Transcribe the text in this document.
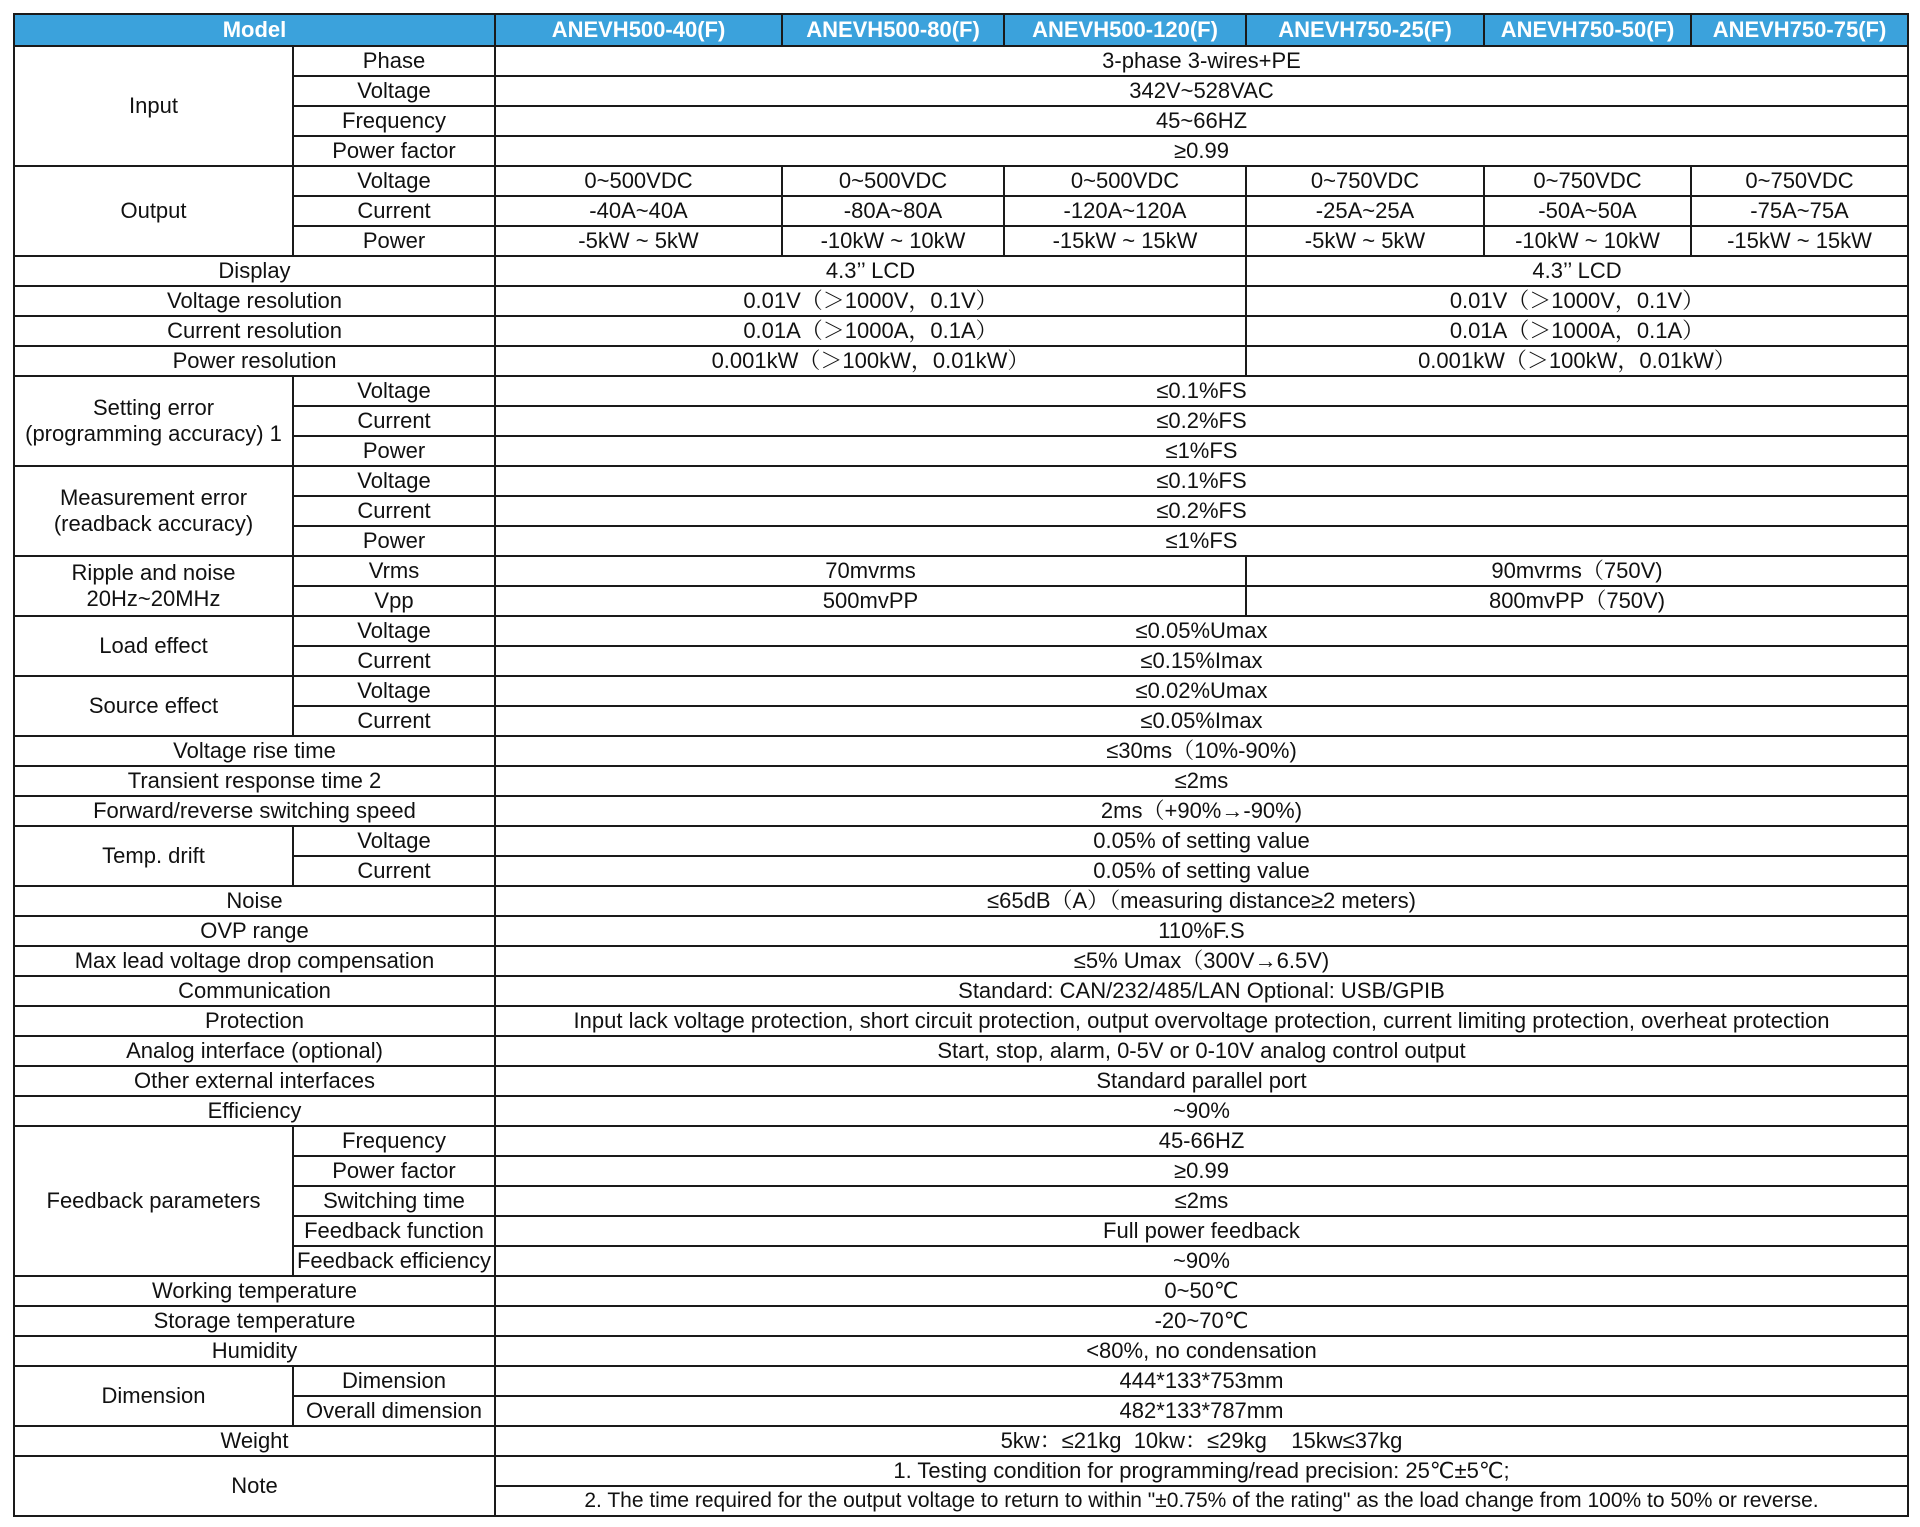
Model		ANEVH500-40(F)	ANEVH500-80(F)	ANEVH500-120(F)	ANEVH750-25(F)	ANEVH750-50(F)	ANEVH750-75(F)
Input	Phase	3-phase 3-wires+PE					
	Voltage	342V~528VAC					
	Frequency	45~66HZ					
	Power factor	≥0.99					
Output	Voltage	0~500VDC	0~500VDC	0~500VDC	0~750VDC	0~750VDC	0~750VDC
	Current	-40A~40A	-80A~80A	-120A~120A	-25A~25A	-50A~50A	-75A~75A
	Power	-5kW ~ 5kW	-10kW ~ 10kW	-15kW ~ 15kW	-5kW ~ 5kW	-10kW ~ 10kW	-15kW ~ 15kW
Display		4.3’’ LCD			4.3’’ LCD		
Voltage resolution		0.01V（＞1000V，0.1V）			0.01V（＞1000V，0.1V）		
Current resolution		0.01A（＞1000A，0.1A）			0.01A（＞1000A，0.1A）		
Power resolution		0.001kW（＞100kW，0.01kW）			0.001kW（＞100kW，0.01kW）		

Setting error
(programming accuracy) 1	Voltage	≤0.1%FS					
	Current	≤0.2%FS					
	Power	≤1%FS					

Measurement error
(readback accuracy)	Voltage	≤0.1%FS					
	Current	≤0.2%FS					
	Power	≤1%FS					

Ripple and noise
20Hz~20MHz	Vrms	70mvrms			90mvrms（750V)		
	Vpp	500mvPP			800mvPP（750V)		
Load effect	Voltage	≤0.05%Umax					
	Current	≤0.15%Imax					
Source effect	Voltage	≤0.02%Umax					
	Current	≤0.05%Imax					
Voltage rise time		≤30ms（10%-90%)					
Transient response time 2		≤2ms					
Forward/reverse switching speed		2ms（+90%→-90%)					
Temp. drift	Voltage	0.05% of setting value					
	Current	0.05% of setting value					
Noise		≤65dB（A）（measuring distance≥2 meters)					
OVP range		110%F.S					
Max lead voltage drop compensation		≤5% Umax（300V→6.5V)					
Communication		Standard: CAN/232/485/LAN Optional: USB/GPIB					
Protection		Input lack voltage protection, short circuit protection, output overvoltage protection, current limiting protection, overheat protection					
Analog interface (optional)		Start, stop, alarm, 0-5V or 0-10V analog control output					
Other external interfaces		Standard parallel port					
Efficiency		~90%					
Feedback parameters	Frequency	45-66HZ					
	Power factor	≥0.99					
	Switching time	≤2ms					
	Feedback function	Full power feedback					
	Feedback efficiency	~90%					
Working temperature		0~50℃					
Storage temperature		-20~70℃					
Humidity		<80%, no condensation					
Dimension	Dimension	444*133*753mm					
	Overall dimension	482*133*787mm					
Weight		5kw：≤21kg  10kw：≤29kg    15kw≤37kg					
Note		1. Testing condition for programming/read precision: 25℃±5℃;					
		2. The time required for the output voltage to return to within "±0.75% of the rating" as the load change from 100% to 50% or reverse.					
